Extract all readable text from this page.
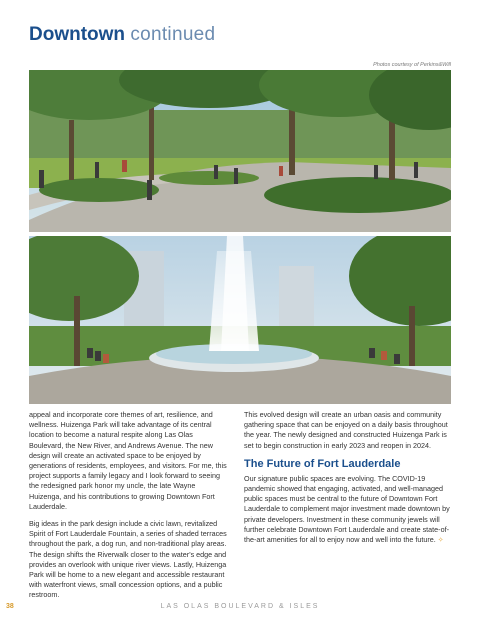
Downtown continued
Photos courtesy of Perkins&Will

appeal and incorporate core themes of art, resilience, and wellness. Huizenga Park will take advantage of its central location to become a natural respite along Las Olas Boulevard, the New River, and Andrews Avenue. The new design will create an activated space to be enjoyed by generations of residents, employees, and visitors. For me, this project supports a family legacy and I look forward to seeing the redesigned park honor my uncle, the late Wayne Huizenga, and his contributions to growing Downtown Fort Lauderdale.

Big ideas in the park design include a civic lawn, revitalized Spirit of Fort Lauderdale Fountain, a series of shaded terraces throughout the park, a dog run, and non-traditional play areas. The design shifts the Riverwalk closer to the water's edge and provides an overlook with unique river views. Lastly, Huizenga Park will be home to a new elegant and accessible restaurant with waterfront views, small concession options, and a public restroom.

This evolved design will create an urban oasis and community gathering space that can be enjoyed on a daily basis throughout the year. The newly designed and constructed Huizenga Park is set to begin construction in early 2023 and reopen in 2024.

The Future of Fort Lauderdale

Our signature public spaces are evolving. The COVID-19 pandemic showed that engaging, activated, and well-managed public spaces must be central to the future of Downtown Fort Lauderdale to complement major investment made downtown by private developers. Investment in these community jewels will further celebrate Downtown Fort Lauderdale and create state-of-the-art amenities for all to enjoy now and well into the future. ✧

38	LAS OLAS BOULEVARD & ISLES
